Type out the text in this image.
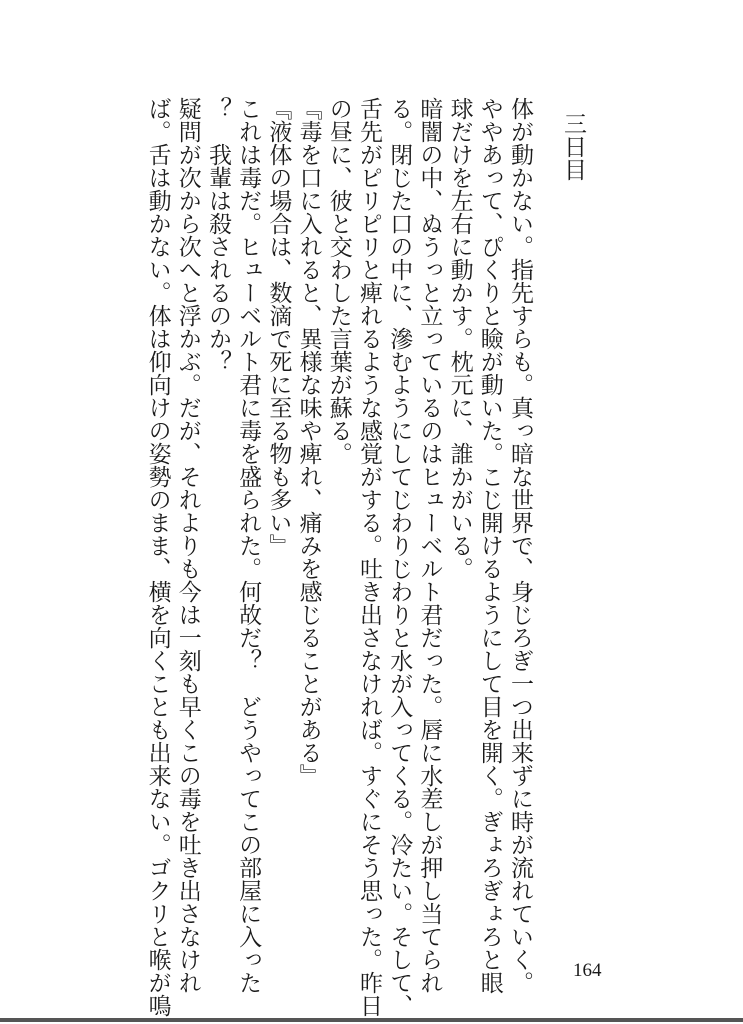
三日目
体が動かない。指先すらも。真っ暗な世界で、身じろぎ一つ出来ずに時が流れていく。
ややあって、ぴくりと瞼が動いた。こじ開けるようにして目を開く。ぎょろぎょろと眼
球だけを左右に動かす。枕元に、誰かがいる。
暗闇の中、ぬうっと立っているのはヒューベルト君だった。唇に水差しが押し当てられ
る。閉じた口の中に、滲むようにしてじわりじわりと水が入ってくる。冷たい。そして、
舌先がピリピリと痺れるような感覚がする。吐き出さなければ。すぐにそう思った。昨日
の昼に、彼と交わした言葉が蘇る。
『毒を口に入れると、異様な味や痺れ、痛みを感じることがある』
『液体の場合は、数滴で死に至る物も多い』
これは毒だ。ヒューベルト君に毒を盛られた。何故だ？　どうやってこの部屋に入った
？　我輩は殺されるのか？
疑問が次から次へと浮かぶ。だが、それよりも今は一刻も早くこの毒を吐き出さなけれ
ば。舌は動かない。体は仰向けの姿勢のまま、横を向くことも出来ない。ゴクリと喉が鳴	164
